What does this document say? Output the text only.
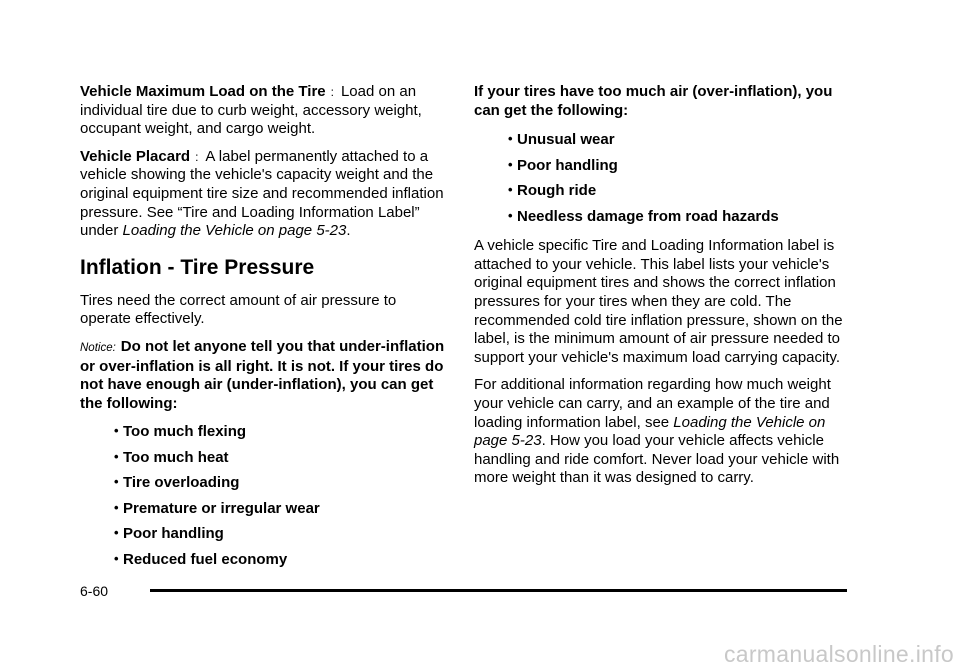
Vehicle Maximum Load on the Tire : Load on an individual tire due to curb weight, accessory weight, occupant weight, and cargo weight.

Vehicle Placard : A label permanently attached to a vehicle showing the vehicle's capacity weight and the original equipment tire size and recommended inflation pressure. See “Tire and Loading Information Label” under Loading the Vehicle on page 5-23.

Inflation - Tire Pressure

Tires need the correct amount of air pressure to operate effectively.

Notice: Do not let anyone tell you that under-inflation or over-inflation is all right. It is not. If your tires do not have enough air (under-inflation), you can get the following:

• Too much flexing
• Too much heat
• Tire overloading
• Premature or irregular wear
• Poor handling
• Reduced fuel economy

If your tires have too much air (over-inflation), you can get the following:

• Unusual wear
• Poor handling
• Rough ride
• Needless damage from road hazards

A vehicle specific Tire and Loading Information label is attached to your vehicle. This label lists your vehicle's original equipment tires and shows the correct inflation pressures for your tires when they are cold. The recommended cold tire inflation pressure, shown on the label, is the minimum amount of air pressure needed to support your vehicle's maximum load carrying capacity.

For additional information regarding how much weight your vehicle can carry, and an example of the tire and loading information label, see Loading the Vehicle on page 5-23. How you load your vehicle affects vehicle handling and ride comfort. Never load your vehicle with more weight than it was designed to carry.

6-60
carmanualsonline.info
